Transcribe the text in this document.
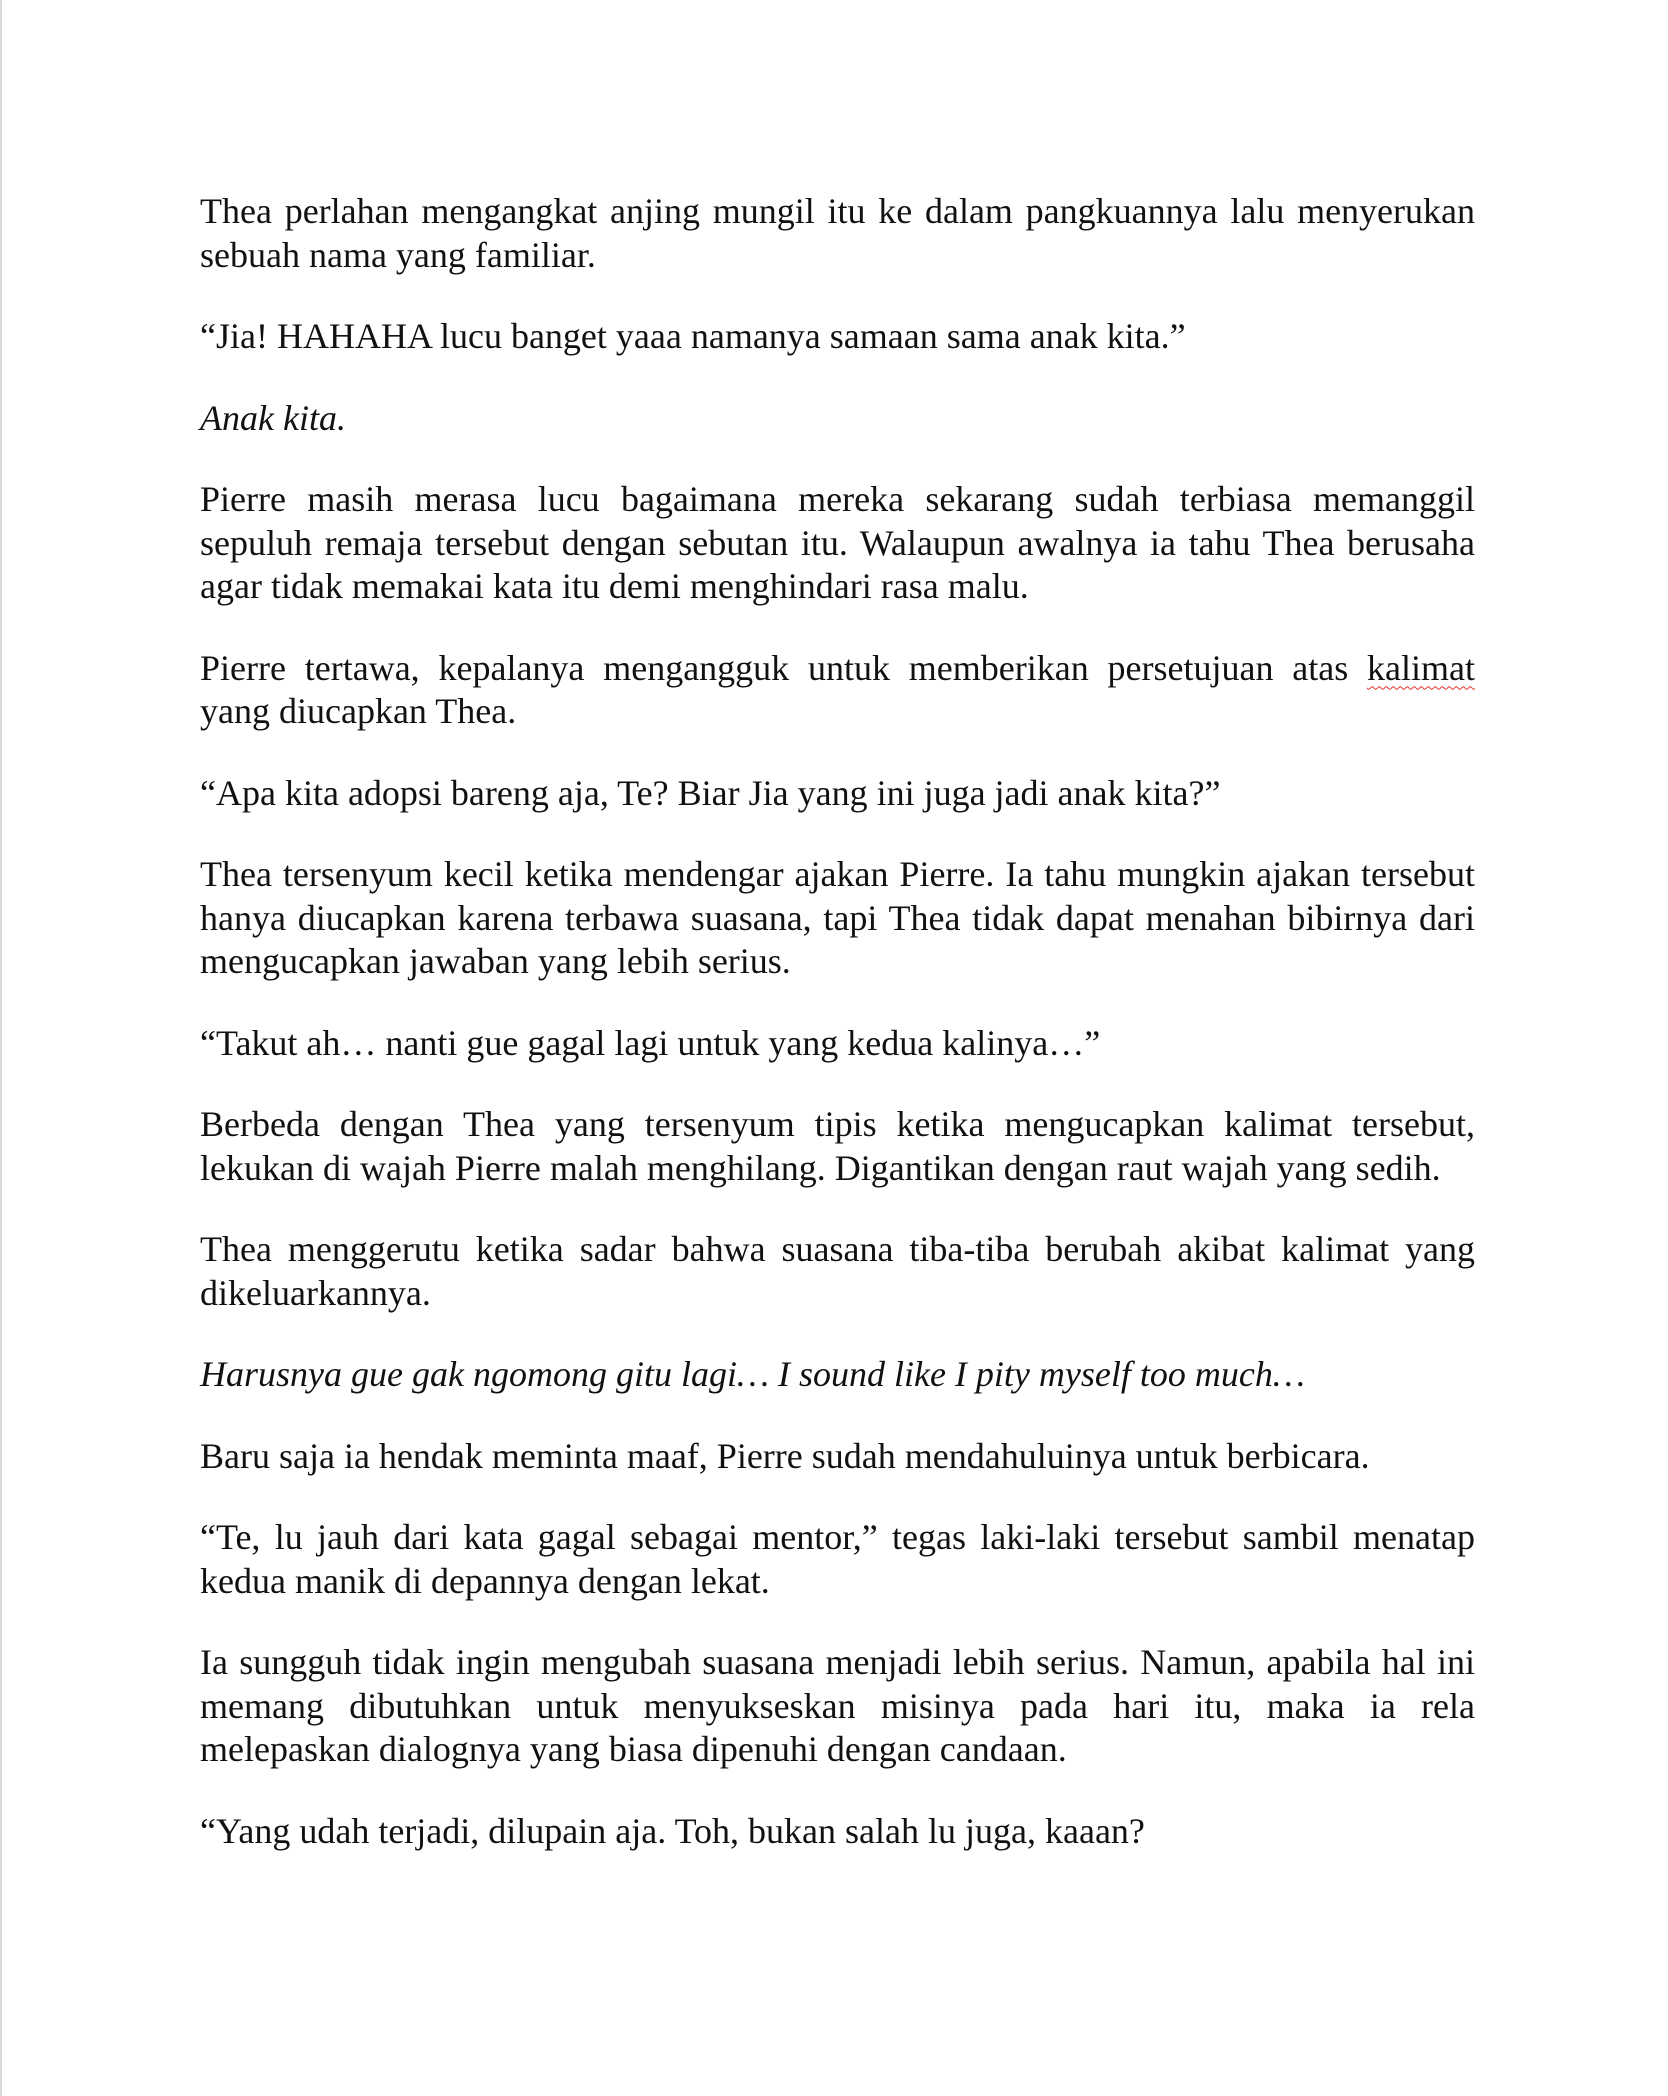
Thea perlahan mengangkat anjing mungil itu ke dalam pangkuannya lalu menyerukan sebuah nama yang familiar.

“Jia! HAHAHA lucu banget yaaa namanya samaan sama anak kita.”

Anak kita.

Pierre masih merasa lucu bagaimana mereka sekarang sudah terbiasa memanggil sepuluh remaja tersebut dengan sebutan itu. Walaupun awalnya ia tahu Thea berusaha agar tidak memakai kata itu demi menghindari rasa malu.

Pierre tertawa, kepalanya mengangguk untuk memberikan persetujuan atas kalimat yang diucapkan Thea.

“Apa kita adopsi bareng aja, Te? Biar Jia yang ini juga jadi anak kita?”

Thea tersenyum kecil ketika mendengar ajakan Pierre. Ia tahu mungkin ajakan tersebut hanya diucapkan karena terbawa suasana, tapi Thea tidak dapat menahan bibirnya dari mengucapkan jawaban yang lebih serius.

“Takut ah… nanti gue gagal lagi untuk yang kedua kalinya…”

Berbeda dengan Thea yang tersenyum tipis ketika mengucapkan kalimat tersebut, lekukan di wajah Pierre malah menghilang. Digantikan dengan raut wajah yang sedih.

Thea menggerutu ketika sadar bahwa suasana tiba-tiba berubah akibat kalimat yang dikeluarkannya.

Harusnya gue gak ngomong gitu lagi… I sound like I pity myself too much…

Baru saja ia hendak meminta maaf, Pierre sudah mendahuluinya untuk berbicara.

“Te, lu jauh dari kata gagal sebagai mentor,” tegas laki-laki tersebut sambil menatap kedua manik di depannya dengan lekat.

Ia sungguh tidak ingin mengubah suasana menjadi lebih serius. Namun, apabila hal ini memang dibutuhkan untuk menyukseskan misinya pada hari itu, maka ia rela melepaskan dialognya yang biasa dipenuhi dengan candaan.

“Yang udah terjadi, dilupain aja. Toh, bukan salah lu juga, kaaan?
